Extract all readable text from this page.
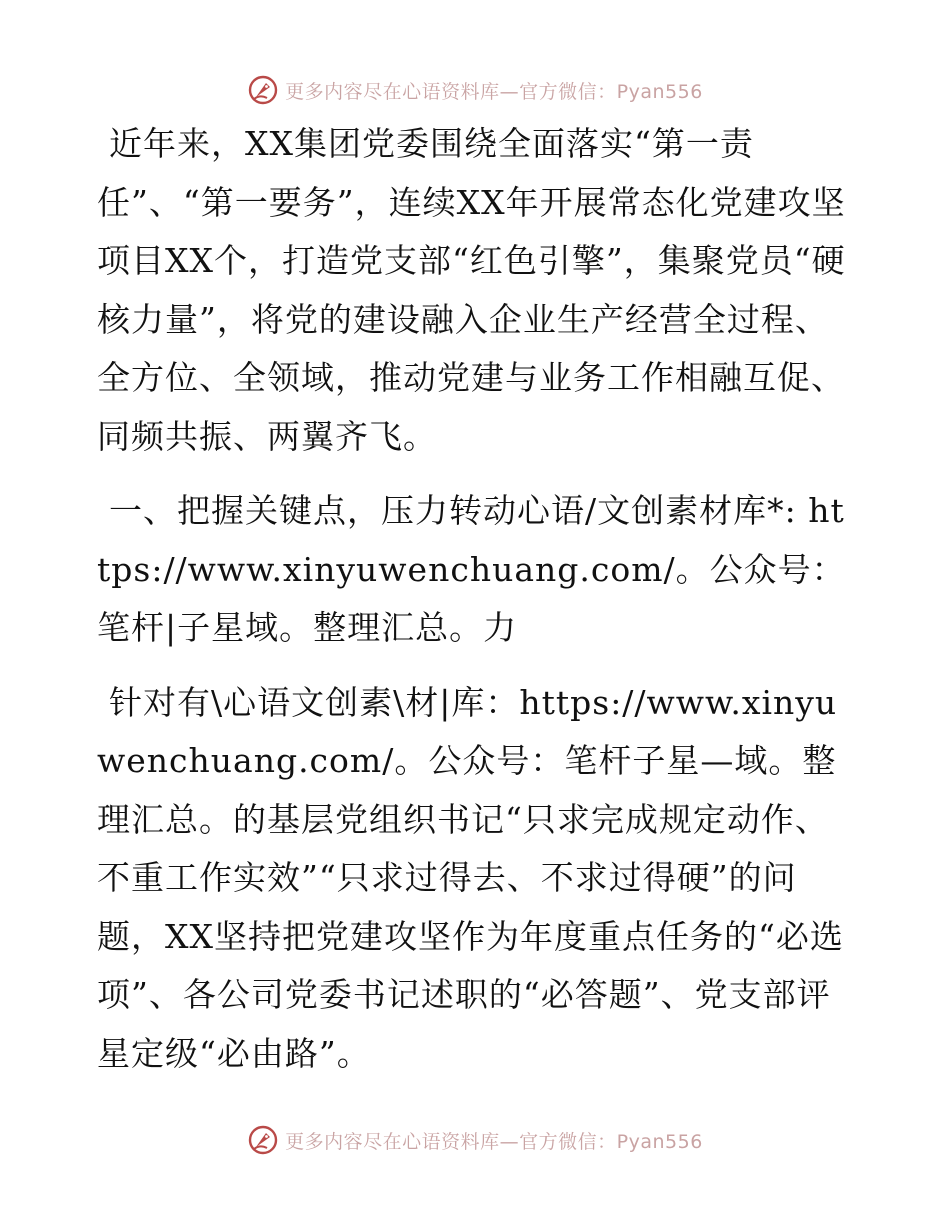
更多内容尽在心语资料库—官方微信：Pyan556

近年来，XX集团党委围绕全面落实“第一责任”、“第一要务”，连续XX年开展常态化党建攻坚项目XX个，打造党支部“红色引擎”，集聚党员“硬核力量”，将党的建设融入企业生产经营全过程、全方位、全领域，推动党建与业务工作相融互促、同频共振、两翼齐飞。

一、把握关键点，压力转动心语/文创素材库*: https://www.xinyuwenchuang.com/。公众号：笔杆|子星域。整理汇总。力

针对有\心语文创素\材|库：https://www.xinyuwenchuang.com/。公众号：笔杆子星—域。整理汇总。的基层党组织书记“只求完成规定动作、不重工作实效”“只求过得去、不求过得硬”的问题，XX坚持把党建攻坚作为年度重点任务的“必选项”、各公司党委书记述职的“必答题”、党支部评星定级“必由路”。

更多内容尽在心语资料库—官方微信：Pyan556
